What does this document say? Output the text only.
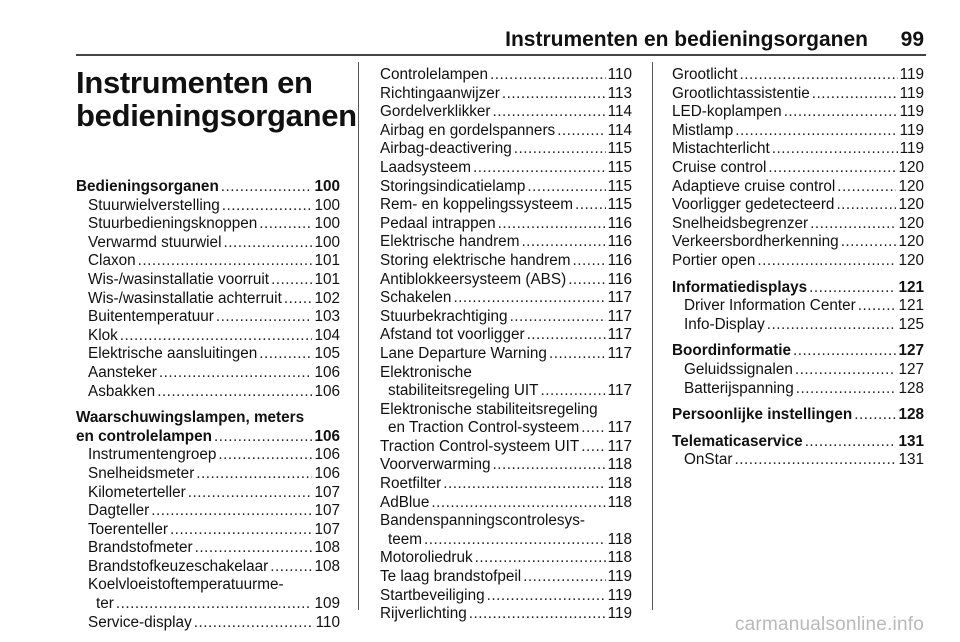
Instrumenten en bedieningsorganen 99
Instrumenten en
bedieningsorganen
Bedieningsorganen .....	100
Stuurwielverstelling .....	100
Stuurbedieningsknoppen .....	100
Verwarmd stuurwiel .....	100
Claxon .....	101
Wis-/wasinstallatie voorruit .....	101
Wis-/wasinstallatie achterruit ..... 102
Buitentemperatuur .....	103
Klok .....	104
Elektrische aansluitingen .....	105
Aansteker .....	106
Asbakken .....	106
Waarschuwingslampen, meters
en controlelampen .....	106
Instrumentengroep .....	106
Snelheidsmeter .....	106
Kilometerteller .....	107
Dagteller .....	107
Toerenteller .....	107
Brandstofmeter .....	108
Brandstofkeuzeschakelaar .....	108
Koelvloeistoftemperatuurme-
ter .....	109
Service-display .....	110
Controlelampen .....	110
Richtingaanwijzer .....	113
Gordelverklikker .....	114
Airbag en gordelspanners .....	114
Airbag-deactivering .....	115
Laadsysteem .....	115
Storingsindicatielamp .....	115
Rem- en koppelingssysteem ..... 115
Pedaal intrappen .....	116
Elektrische handrem .....	116
Storing elektrische handrem ..... 116
Antiblokkeersysteem (ABS) .....	116
Schakelen .....	117
Stuurbekrachtiging .....	117
Afstand tot voorligger .....	117
Lane Departure Warning .....	117
Elektronische
stabiliteitsregeling UIT .....	117
Elektronische stabiliteitsregeling
en Traction Control-systeem ..... 117
Traction Control-systeem UIT ..... 117
Voorverwarming .....	118
Roetfilter .....	118
AdBlue .....	118
Bandenspanningscontrolesys-
teem .....	118
Motoroliedruk .....	118
Te laag brandstofpeil .....	119
Startbeveiliging .....	119
Rijverlichting .....	119
Grootlicht .....	119
Grootlichtassistentie .....	119
LED-koplampen .....	119
Mistlamp .....	119
Mistachterlicht .....	119
Cruise control .....	120
Adaptieve cruise control .....	120
Voorligger gedetecteerd .....	120
Snelheidsbegrenzer .....	120
Verkeersbordherkenning .....	120
Portier open .....	120
Informatiedisplays .....	121
Driver Information Center .....	121
Info-Display .....	125
Boordinformatie .....	127
Geluidssignalen .....	127
Batterijspanning .....	128
Persoonlijke instellingen .....	128
Telematicaservice .....	131
OnStar .....	131
carmanualsonline.info
